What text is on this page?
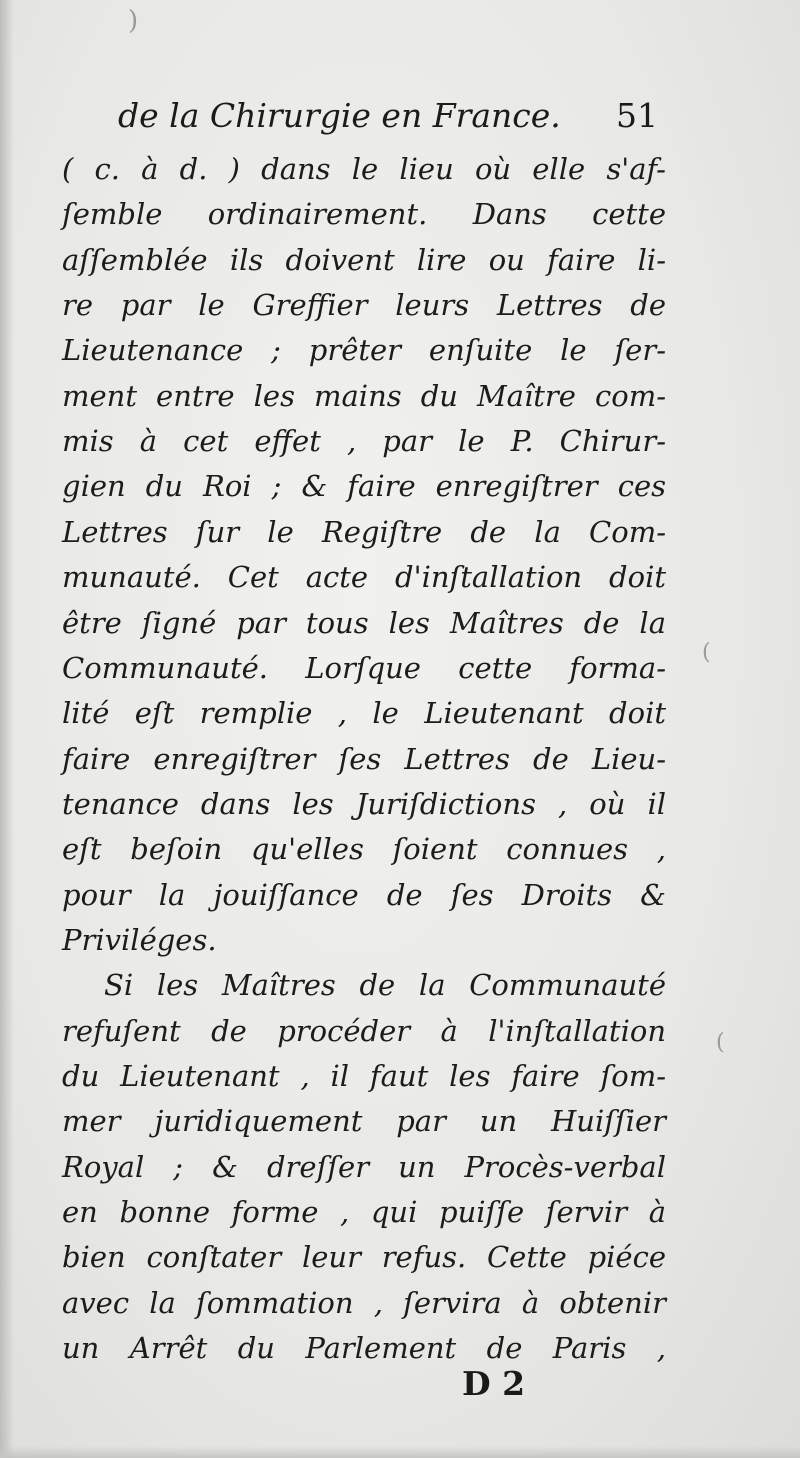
)
(
(
de la Chirurgie en France. 51
( c. à d. ) dans le lieu où elle s'af-
ſemble ordinairement. Dans cette
aſſemblée ils doivent lire ou faire li-
re par le Greffier leurs Lettres de
Lieutenance ; prêter enſuite le ſer-
ment entre les mains du Maître com-
mis à cet effet , par le P. Chirur-
gien du Roi ; & faire enregiſtrer ces
Lettres ſur le Regiſtre de la Com-
munauté. Cet acte d'inſtallation doit
être ſigné par tous les Maîtres de la
Communauté. Lorſque cette forma-
lité eſt remplie , le Lieutenant doit
faire enregiſtrer ſes Lettres de Lieu-
tenance dans les Juriſdictions , où il
eſt beſoin qu'elles ſoient connues ,
pour la jouiſſance de ſes Droits &
Priviléges.
Si les Maîtres de la Communauté
refuſent de procéder à l'inſtallation
du Lieutenant , il faut les faire ſom-
mer juridiquement par un Huiſſier
Royal ; & dreſſer un Procès-verbal
en bonne forme , qui puiſſe ſervir à
bien conſtater leur refus. Cette piéce
avec la ſommation , ſervira à obtenir
un Arrêt du Parlement de Paris ,
D 2
